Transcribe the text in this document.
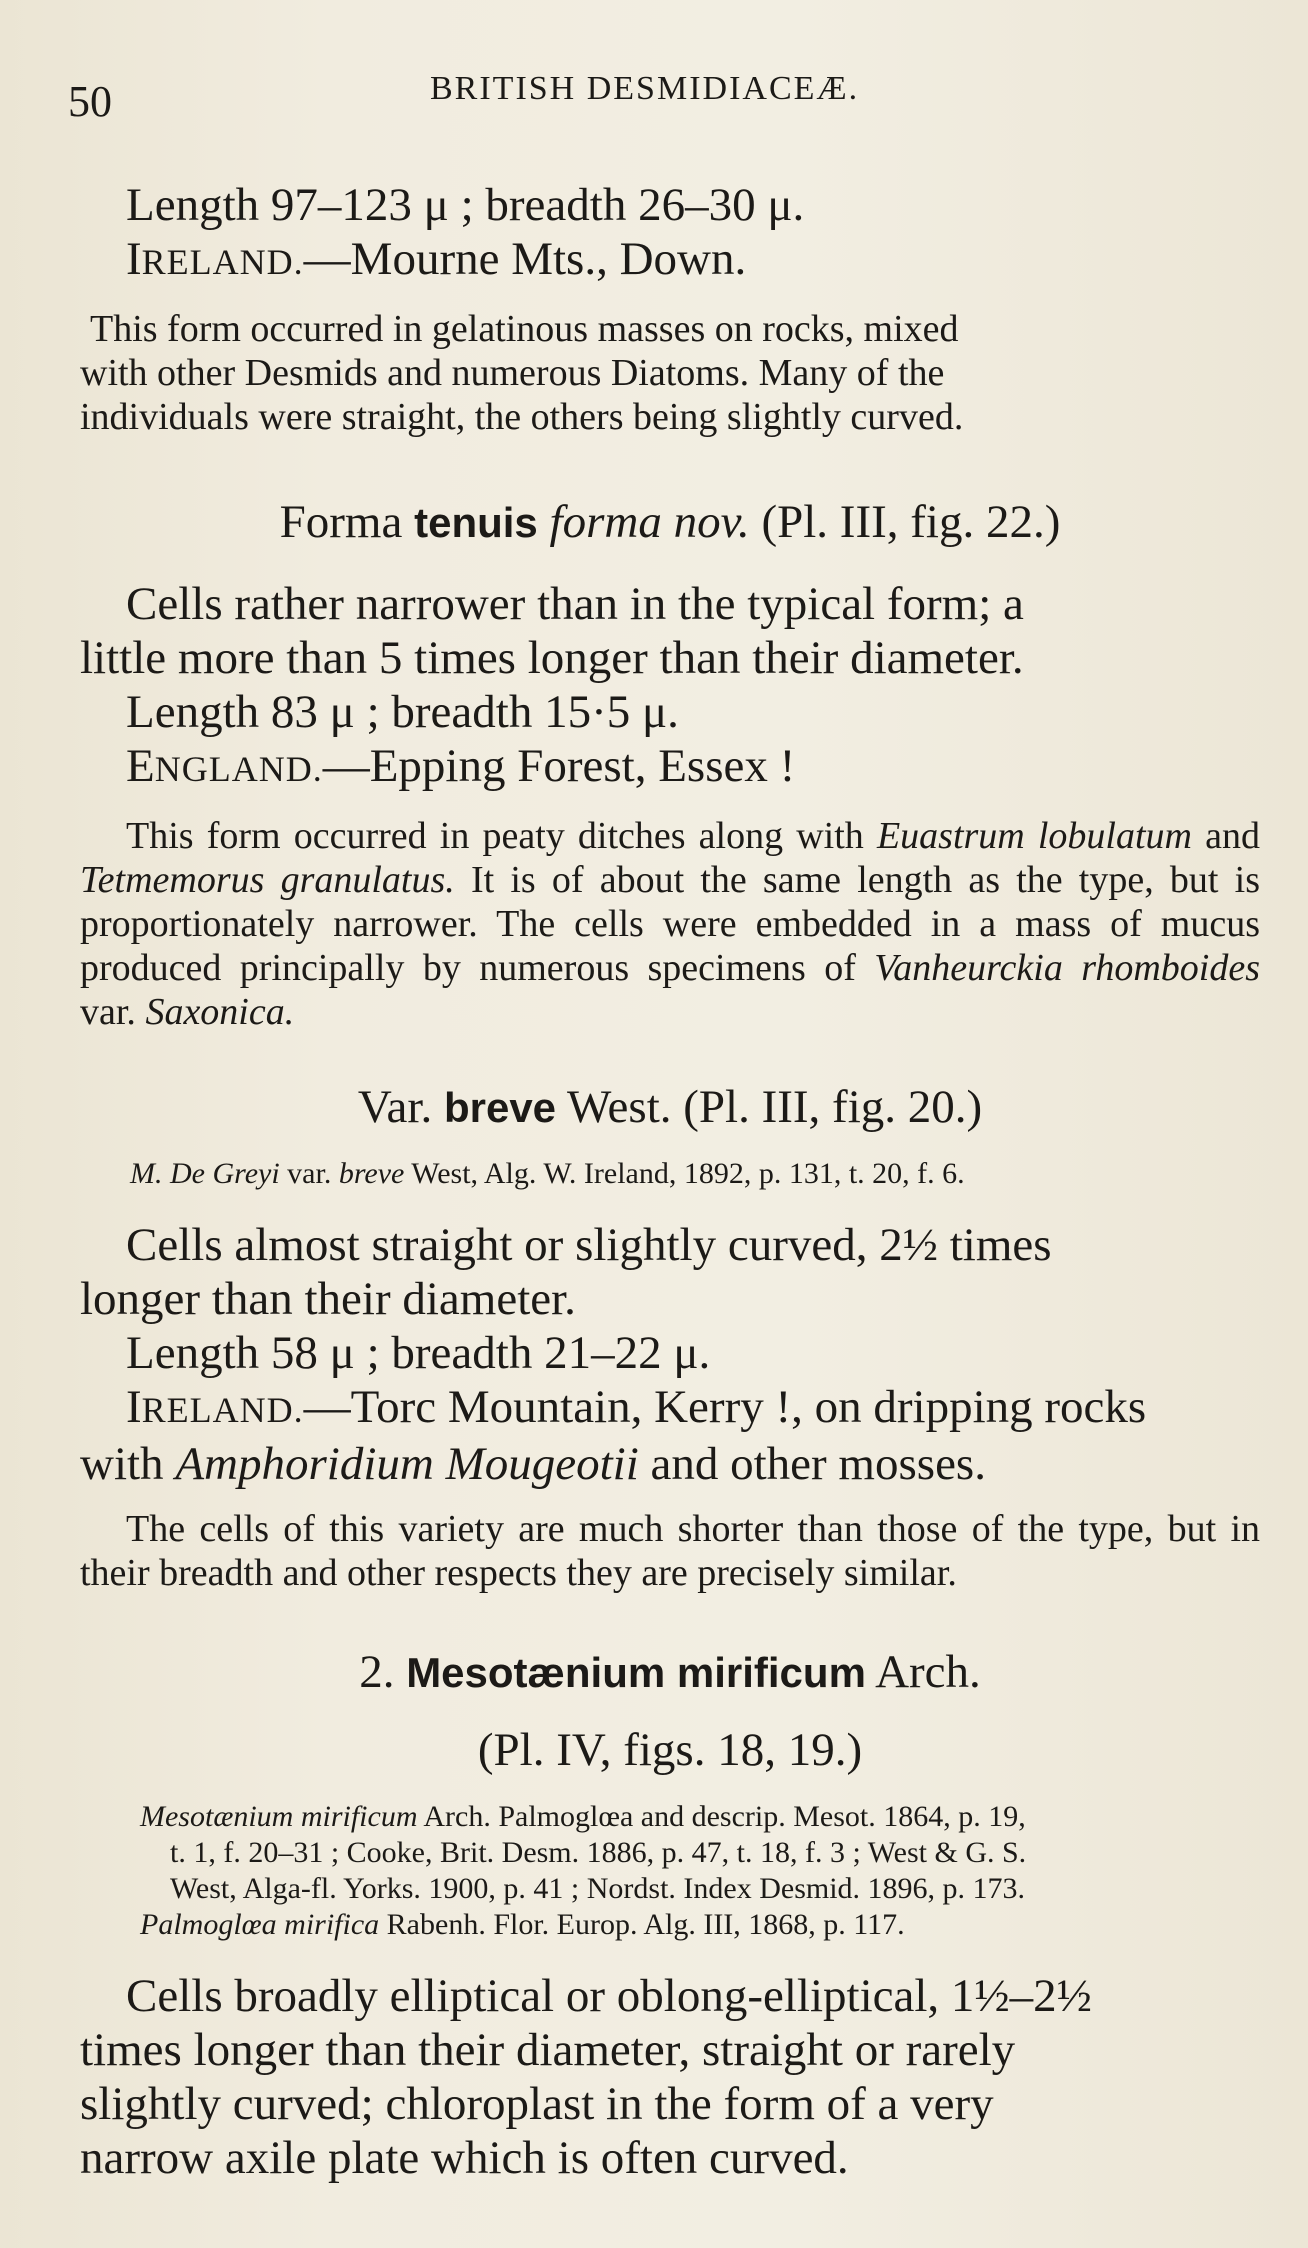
50	BRITISH DESMIDIACEÆ.

Length 97–123 μ ; breadth 26–30 μ.

IRELAND.—Mourne Mts., Down.

This form occurred in gelatinous masses on rocks, mixed

with other Desmids and numerous Diatoms. Many of the

individuals were straight, the others being slightly curved.

Forma tenuis forma nov. (Pl. III, fig. 22.)

Cells rather narrower than in the typical form; a

little more than 5 times longer than their diameter.

Length 83 μ ; breadth 15·5 μ.

ENGLAND.—Epping Forest, Essex !

This form occurred in peaty ditches along with Euastrum lobulatum and Tetmemorus granulatus. It is of about the same length as the type, but is proportionately narrower. The cells were embedded in a mass of mucus produced principally by numerous specimens of Vanheurckia rhomboides var. Saxonica.

Var. breve West. (Pl. III, fig. 20.)

M. De Greyi var. breve West, Alg. W. Ireland, 1892, p. 131, t. 20, f. 6.

Cells almost straight or slightly curved, 2½ times

longer than their diameter.

Length 58 μ ; breadth 21–22 μ.

IRELAND.—Torc Mountain, Kerry !, on dripping rocks

with Amphoridium Mougeotii and other mosses.

The cells of this variety are much shorter than those of the type, but in their breadth and other respects they are precisely similar.

2. Mesotænium mirificum Arch.

(Pl. IV, figs. 18, 19.)

Mesotænium mirificum Arch. Palmoglœa and descrip. Mesot. 1864, p. 19,

t. 1, f. 20–31 ; Cooke, Brit. Desm. 1886, p. 47, t. 18, f. 3 ; West & G. S.

West, Alga-fl. Yorks. 1900, p. 41 ; Nordst. Index Desmid. 1896, p. 173.

Palmoglœa mirifica Rabenh. Flor. Europ. Alg. III, 1868, p. 117.

Cells broadly elliptical or oblong-elliptical, 1½–2½

times longer than their diameter, straight or rarely

slightly curved; chloroplast in the form of a very

narrow axile plate which is often curved.
